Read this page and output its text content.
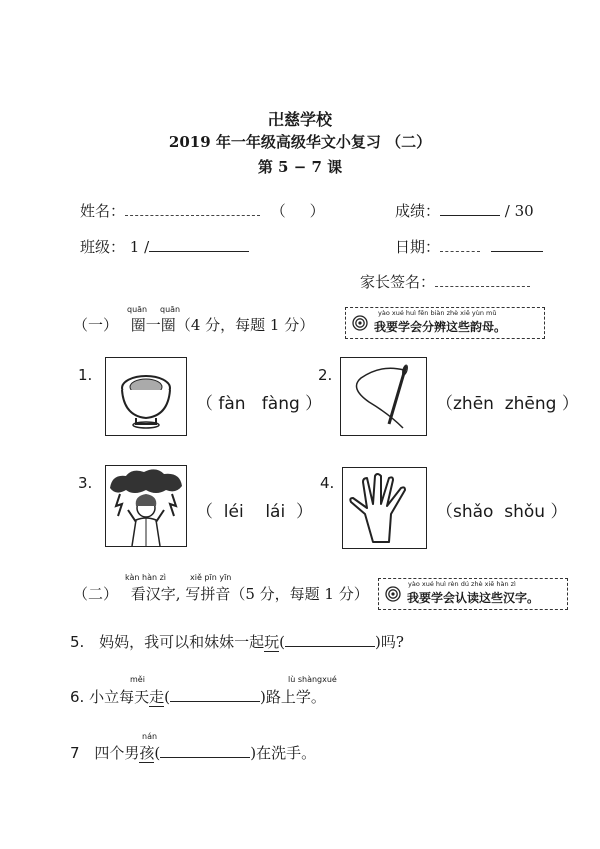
卍慈学校
2019 年一年级高级华文小复习 （二）
第 5 − 7 课
姓名：	（     ）	成绩：	/ 30
班级： 1 /	日期：
家长签名：
（一） 圈一圈（4 分，每题 1 分）
quān quān
我要学会分辨这些韵母。
yào xué huì fēn biàn zhè xiē yùn mǔ
1.
（ fàn   fàng ）
2.
（zhēn  zhēng ）
3.
（  léi    lái  ）
4.
（shǎo  shǒu ）
（二） 看汉字, 写拼音（5 分，每题 1 分）
kàn hàn zì	xiě pīn yīn
我要学会认读这些汉字。
yào xué huì rèn dú zhè xiē hàn zì
5. 妈妈，我可以和妹妹一起玩(	)吗?
měi	lù shàngxué
6. 小立每天走(	)路上学。
nán
7 四个男孩(	)在洗手。
